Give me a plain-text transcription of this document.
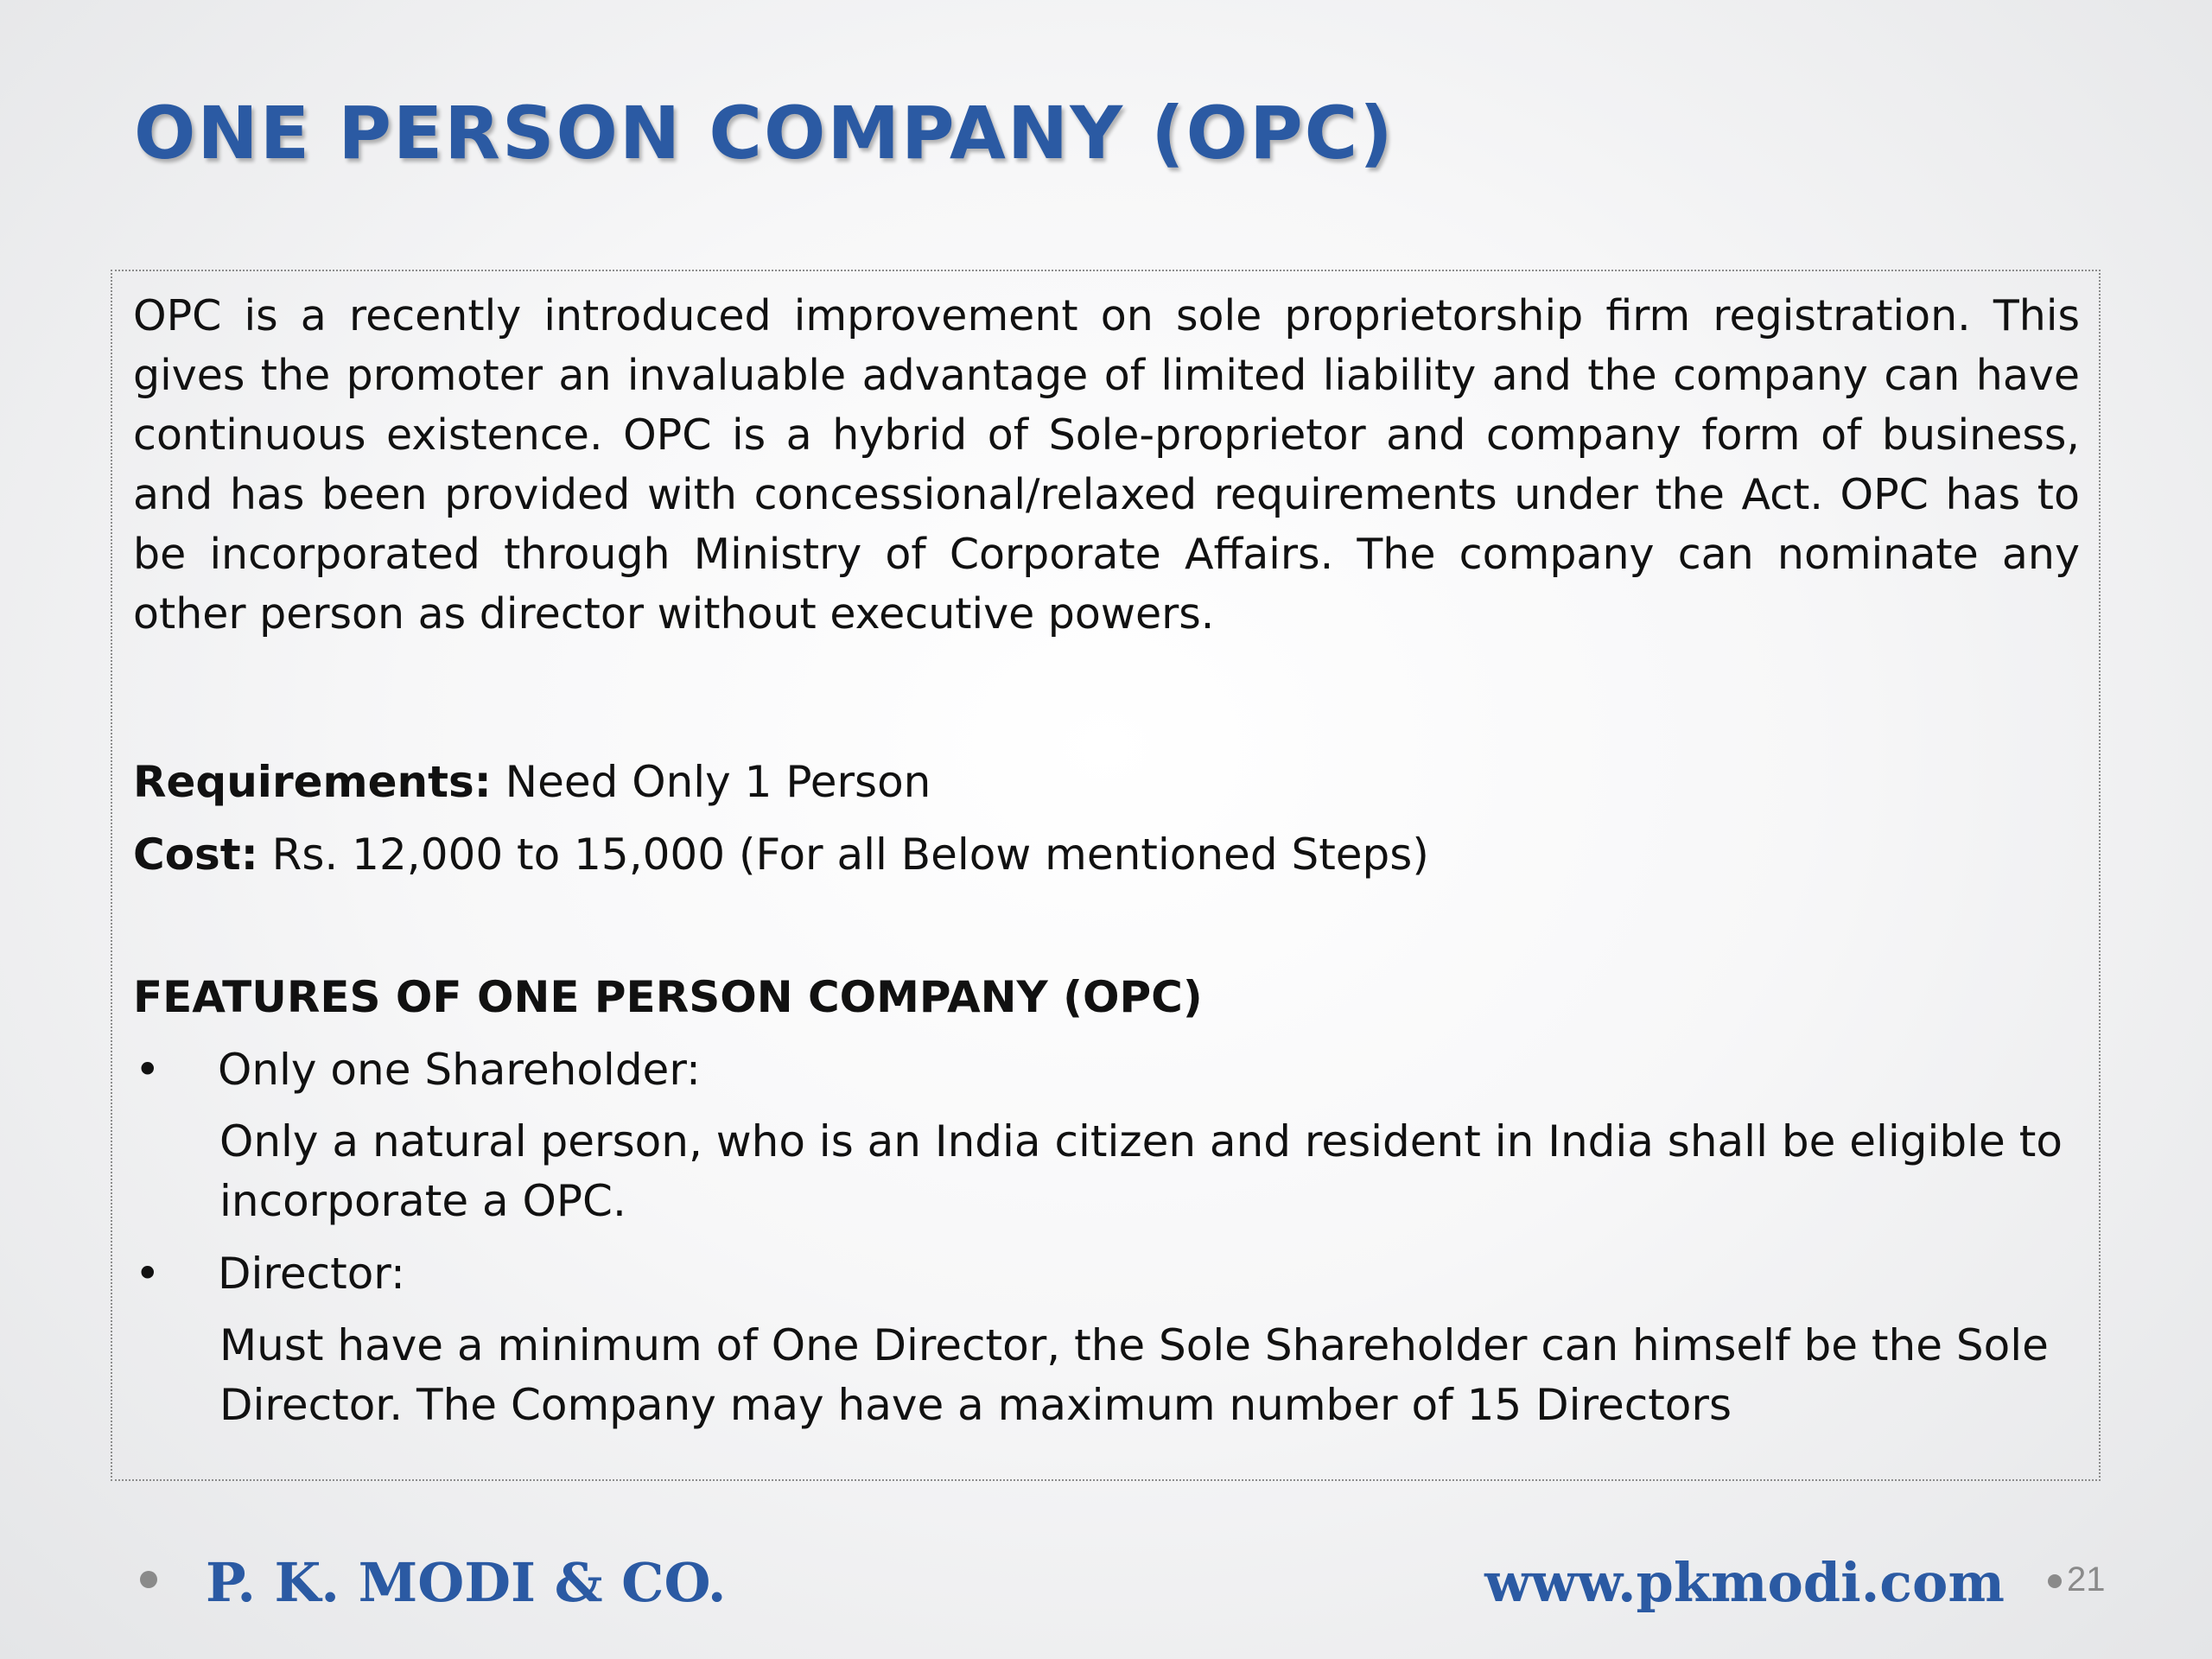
ONE PERSON COMPANY (OPC)

OPC is a recently introduced improvement on sole proprietorship firm registration. This gives the promoter an invaluable advantage of limited liability and the company can have continuous existence. OPC is a hybrid of Sole-proprietor and company form of business, and has been provided with concessional/relaxed requirements under the Act. OPC has to be incorporated through Ministry of Corporate Affairs. The company can nominate any other person as director without executive powers.

Requirements: Need Only 1 Person
Cost: Rs. 12,000 to 15,000 (For all Below mentioned Steps)
FEATURES OF ONE PERSON COMPANY (OPC)
•	Only one Shareholder:
Only a natural person, who is an India citizen and resident in India shall be eligible to incorporate a OPC.
•	Director:
Must have a minimum of One Director, the Sole Shareholder can himself be the Sole Director. The Company may have a maximum number of 15 Directors
P. K. MODI & CO.	www.pkmodi.com 21
